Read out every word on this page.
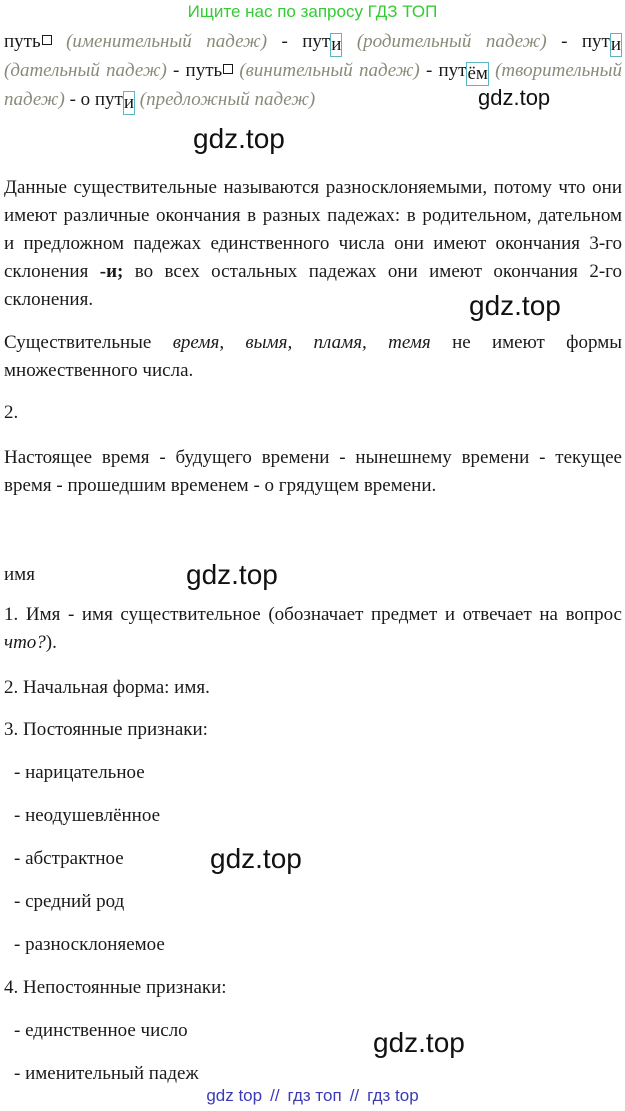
Ищите нас по запросу ГДЗ ТОП
путь (именительный падеж) - пути (родительный падеж) - пути (дательный падеж) - путь (винительный падеж) - путём (творительный падеж) - о пути (предложный падеж)	gdz.top
gdz.top
Данные существительные называются разносклоняемыми, потому что они имеют различные окончания в разных падежах: в родительном, дательном и предложном падежах единственного числа они имеют окончания 3-го склонения -и; во всех остальных падежах они имеют окончания 2-го склонения.	gdz.top
Существительные время, вымя, пламя, темя не имеют формы множественного числа.
2.
Настоящее время - будущего времени - нынешнему времени - текущее время - прошедшим временем - о грядущем времени.
имя	gdz.top
1. Имя - имя существительное (обозначает предмет и отвечает на вопрос что?).
2. Начальная форма: имя.
3. Постоянные признаки:
- нарицательное
- неодушевлённое
- абстрактное	gdz.top
- средний род
- разносклоняемое
4. Непостоянные признаки:
- единственное число	gdz.top
- именительный падеж
gdz top // гдз топ // гдз top
